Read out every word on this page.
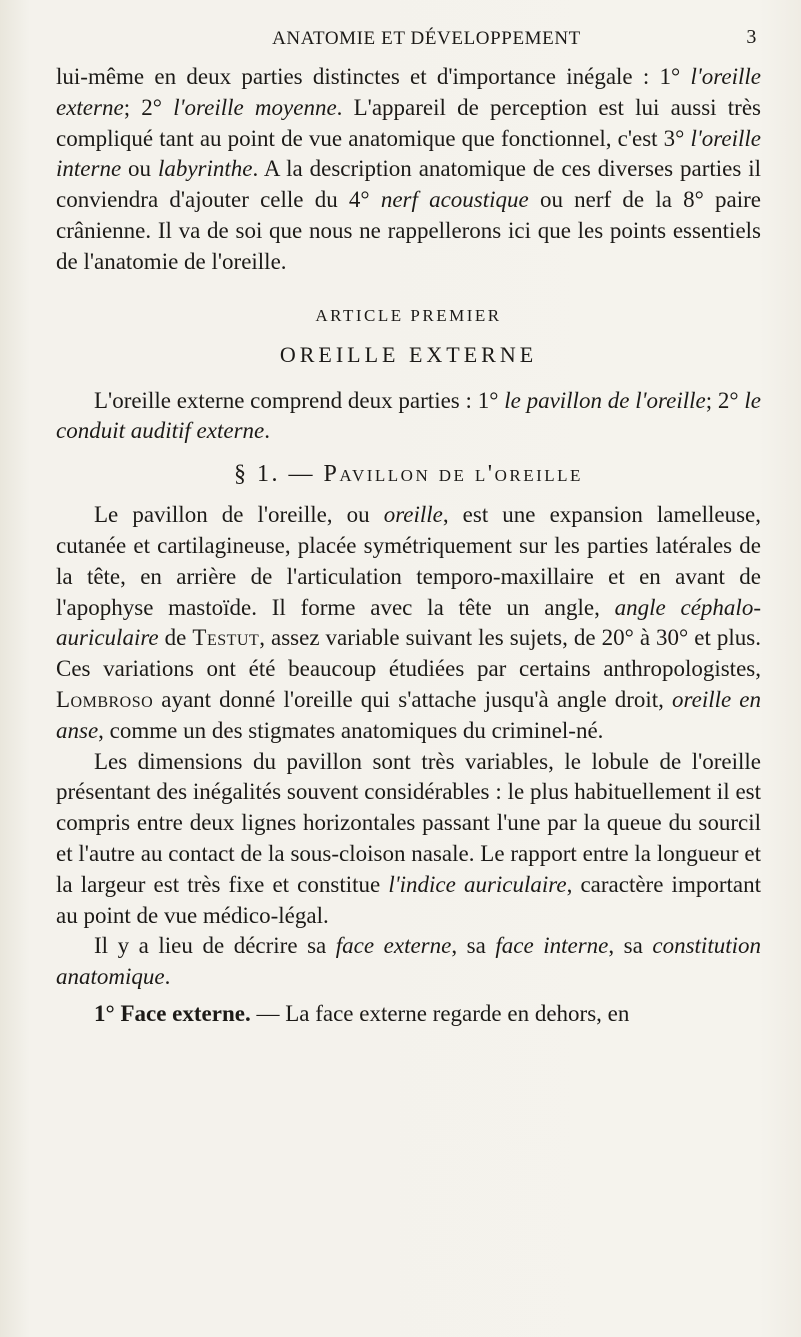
ANATOMIE ET DÉVELOPPEMENT	3

lui-même en deux parties distinctes et d'importance inégale : 1° l'oreille externe; 2° l'oreille moyenne. L'appareil de perception est lui aussi très compliqué tant au point de vue anatomique que fonctionnel, c'est 3° l'oreille interne ou labyrinthe. A la description anatomique de ces diverses parties il conviendra d'ajouter celle du 4° nerf acoustique ou nerf de la 8° paire crânienne. Il va de soi que nous ne rappellerons ici que les points essentiels de l'anatomie de l'oreille.

ARTICLE PREMIER
OREILLE EXTERNE

L'oreille externe comprend deux parties : 1° le pavillon de l'oreille; 2° le conduit auditif externe.

§ 1. — Pavillon de l'oreille

Le pavillon de l'oreille, ou oreille, est une expansion lamelleuse, cutanée et cartilagineuse, placée symétriquement sur les parties latérales de la tête, en arrière de l'articulation temporo-maxillaire et en avant de l'apophyse mastoïde. Il forme avec la tête un angle, angle céphalo-auriculaire de Testut, assez variable suivant les sujets, de 20° à 30° et plus. Ces variations ont été beaucoup étudiées par certains anthropologistes, Lombroso ayant donné l'oreille qui s'attache jusqu'à angle droit, oreille en anse, comme un des stigmates anatomiques du criminel-né.

Les dimensions du pavillon sont très variables, le lobule de l'oreille présentant des inégalités souvent considérables : le plus habituellement il est compris entre deux lignes horizontales passant l'une par la queue du sourcil et l'autre au contact de la sous-cloison nasale. Le rapport entre la longueur et la largeur est très fixe et constitue l'indice auriculaire, caractère important au point de vue médico-légal.

Il y a lieu de décrire sa face externe, sa face interne, sa constitution anatomique.

1° Face externe. — La face externe regarde en dehors, en
